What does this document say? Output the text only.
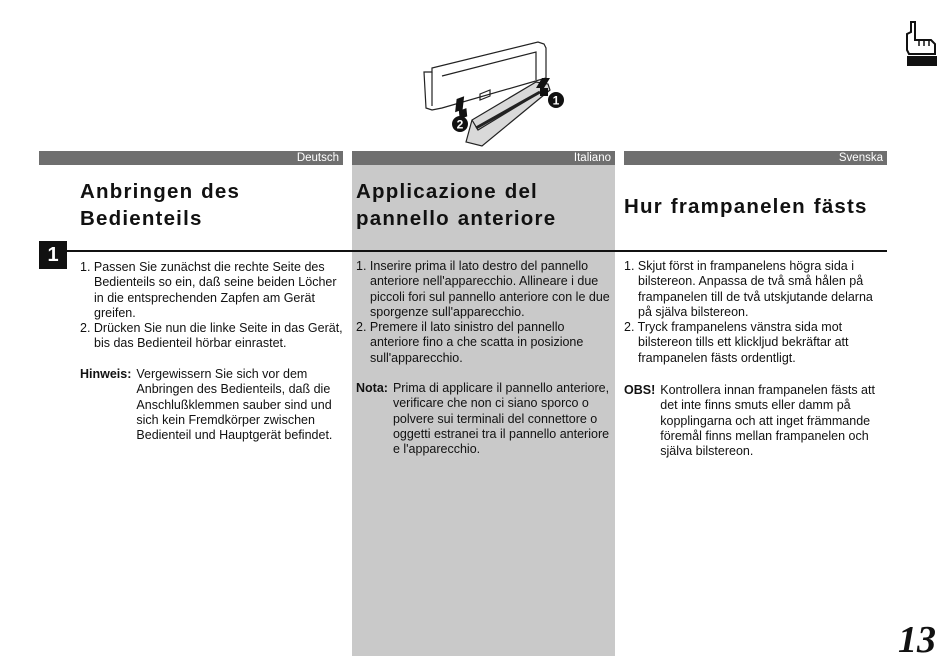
1
2
Deutsch	Italiano	Svenska
Anbringen des
Bedienteils
Applicazione del
pannello anteriore
Hur frampanelen fästs
1
1. Passen Sie zunächst die rechte Seite des Bedienteils so ein, daß seine beiden Löcher in die entsprechenden Zapfen am Gerät greifen.
2. Drücken Sie nun die linke Seite in das Gerät, bis das Bedienteil hörbar einrastet.
Hinweis: Vergewissern Sie sich vor dem Anbringen des Bedienteils, daß die Anschlußklemmen sauber sind und sich kein Fremdkörper zwischen Bedienteil und Hauptgerät befindet.
1. Inserire prima il lato destro del pannello anteriore nell'apparecchio. Allineare i due piccoli fori sul pannello anteriore con le due sporgenze sull'apparecchio.
2. Premere il lato sinistro del pannello anteriore fino a che scatta in posizione sull'apparecchio.
Nota: Prima di applicare il pannello anteriore, verificare che non ci siano sporco o polvere sui terminali del connettore o oggetti estranei tra il pannello anteriore e l'apparecchio.
1. Skjut först in frampanelens högra sida i bilstereon. Anpassa de två små hålen på frampanelen till de två utskjutande delarna på själva bilstereon.
2. Tryck frampanelens vänstra sida mot bilstereon tills ett klickljud bekräftar att frampanelen fästs ordentligt.
OBS! Kontrollera innan frampanelen fästs att det inte finns smuts eller damm på kopplingarna och att inget främmande föremål finns mellan frampanelen och själva bilstereon.
13
